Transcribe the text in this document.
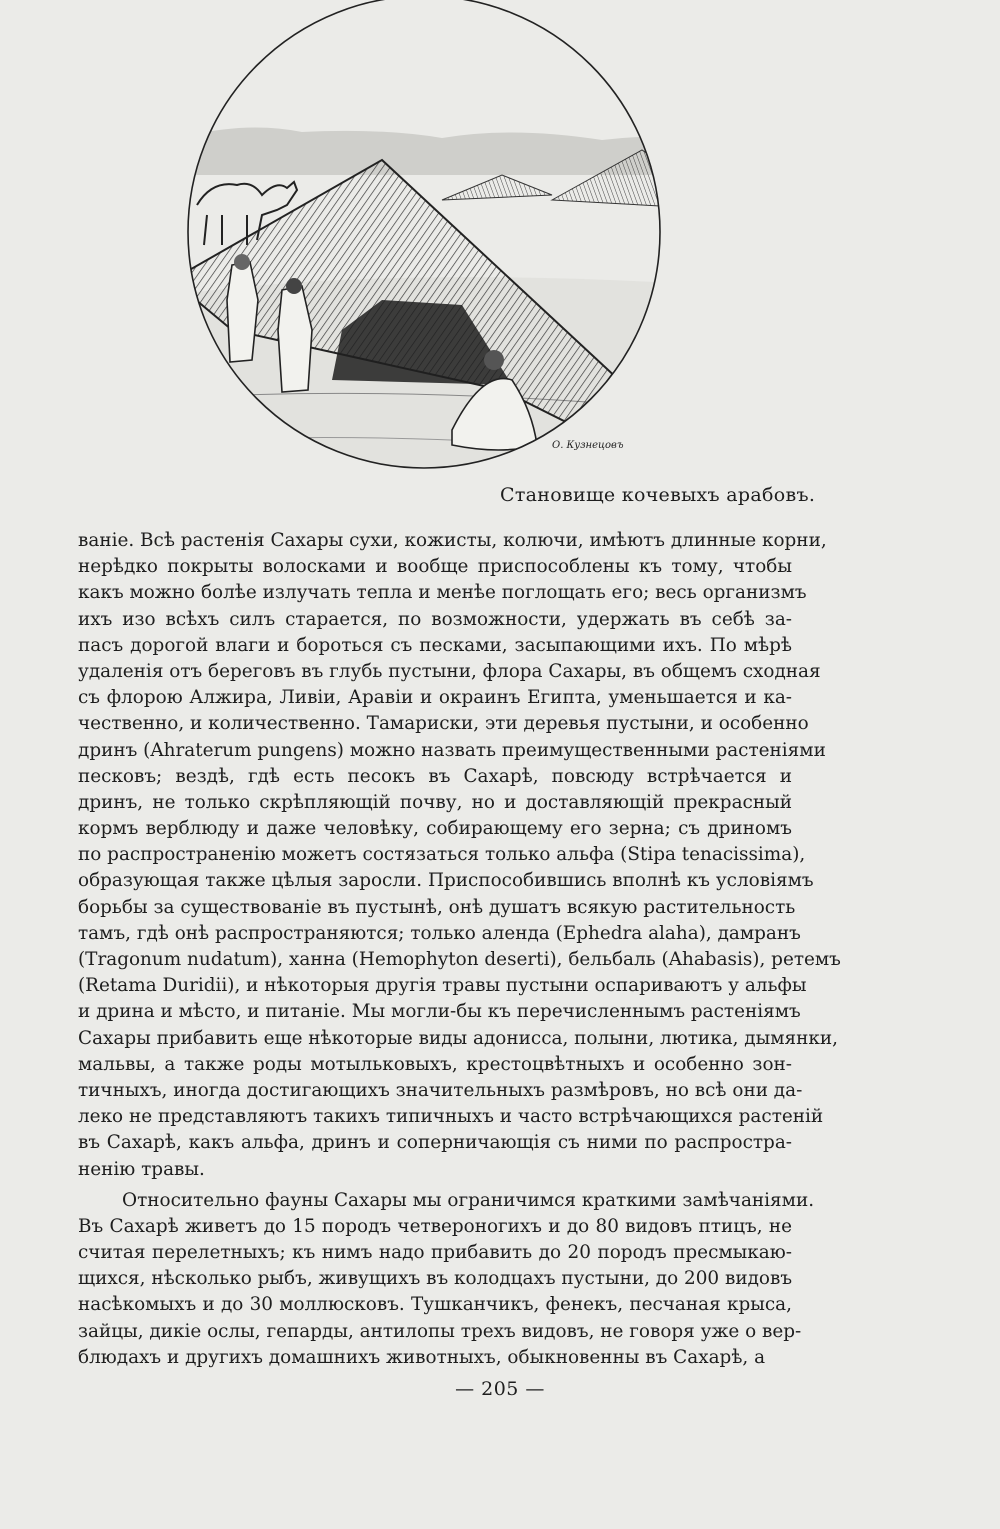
О. Кузнецовъ
Становище кочевыхъ арабовъ.
ваніе. Всѣ растенія Сахары сухи, кожисты, колючи, имѣютъ длинные корни,
нерѣдко покрыты волосками и вообще приспособлены къ тому, чтобы
какъ можно болѣе излучать тепла и менѣе поглощать его; весь организмъ
ихъ изо всѣхъ силъ старается, по возможности, удержать въ себѣ за-
пасъ дорогой влаги и бороться съ песками, засыпающими ихъ. По мѣрѣ
удаленія отъ береговъ въ глубь пустыни, флора Сахары, въ общемъ сходная
съ флорою Алжира, Ливіи, Аравіи и окраинъ Египта, уменьшается и ка-
чественно, и количественно. Тамариски, эти деревья пустыни, и особенно
дринъ (Ahraterum pungens) можно назвать преимущественными растеніями
песковъ; вездѣ, гдѣ есть песокъ въ Сахарѣ, повсюду встрѣчается и
дринъ, не только скрѣпляющій почву, но и доставляющій прекрасный
кормъ верблюду и даже человѣку, собирающему его зерна; съ дриномъ
по распространенію можетъ состязаться только альфа (Stipa tenacissima),
образующая также цѣлыя заросли. Приспособившись вполнѣ къ условіямъ
борьбы за существованіе въ пустынѣ, онѣ душатъ всякую растительность
тамъ, гдѣ онѣ распространяются; только аленда (Ephedra alaha), дамранъ
(Tragonum nudatum), ханна (Hemophyton deserti), бельбаль (Ahabasis), ретемъ
(Retama Duridii), и нѣкоторыя другія травы пустыни оспариваютъ у альфы
и дрина и мѣсто, и питаніе. Мы могли-бы къ перечисленнымъ растеніямъ
Сахары прибавить еще нѣкоторые виды адонисса, полыни, лютика, дымянки,
мальвы, а также роды мотыльковыхъ, крестоцвѣтныхъ и особенно зон-
тичныхъ, иногда достигающихъ значительныхъ размѣровъ, но всѣ они да-
леко не представляютъ такихъ типичныхъ и часто встрѣчающихся растеній
въ Сахарѣ, какъ альфа, дринъ и соперничающія съ ними по распростра-
ненію травы.
Относительно фауны Сахары мы ограничимся краткими замѣчаніями.
Въ Сахарѣ живетъ до 15 породъ четвероногихъ и до 80 видовъ птицъ, не
считая перелетныхъ; къ нимъ надо прибавить до 20 породъ пресмыкаю-
щихся, нѣсколько рыбъ, живущихъ въ колодцахъ пустыни, до 200 видовъ
насѣкомыхъ и до 30 моллюсковъ. Тушканчикъ, фенекъ, песчаная крыса,
зайцы, дикіе ослы, гепарды, антилопы трехъ видовъ, не говоря уже о вер-
блюдахъ и другихъ домашнихъ животныхъ, обыкновенны въ Сахарѣ, а
— 205 —
